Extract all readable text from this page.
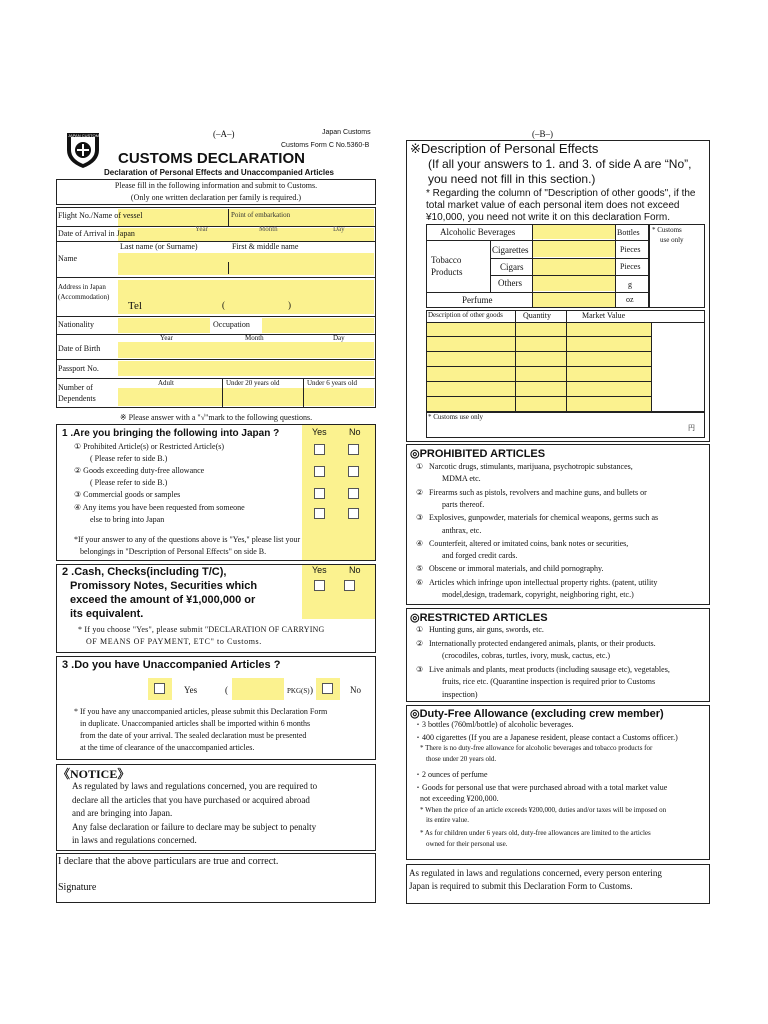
(–A–)	Japan Customs
Customs Form C No.5360-B
JAPAN CUSTOMS
CUSTOMS DECLARATION
Declaration of Personal Effects and Unaccompanied Articles
Please fill in the following information and submit to Customs.
(Only one written declaration per family is required.)
Flight No./Name of vessel	Point of embarkation
Date of Arrival in Japan	Year	Month	Day
Last name (or Surname)	First & middle name
Name
Address in Japan
(Accommodation)
Tel	(	)
Nationality	Occupation
Year	Month	Day
Date of Birth
Passport No.
Adult	Under 20 years old	Under 6 years old
Number of
Dependents
※ Please answer with a "√"mark to the following questions.
1 .Are you bringing the following into Japan ?	Yes No
① Prohibited Article(s) or Restricted Article(s)
( Please refer to side B.)
② Goods exceeding duty-free allowance
( Please refer to side B.)
③ Commercial goods or samples
④ Any items you have been requested from someone
else to bring into Japan
*If your answer to any of the questions above is "Yes," please list your
belongings in "Description of Personal Effects" on side B.
2 .Cash, Checks(including T/C),
Promissory Notes, Securities which
exceed the amount of ¥1,000,000 or
its equivalent.
Yes No
* If you choose "Yes", please submit "DECLARATION OF CARRYING
OF MEANS OF PAYMENT, ETC" to Customs.
3 .Do you have Unaccompanied Articles ?
Yes	(	PKG(S) )	No
* If you have any unaccompanied articles, please submit this Declaration Form
in duplicate. Unaccompanied articles shall be imported within 6 months
from the date of your arrival. The sealed declaration must be presented
at the time of clearance of the unaccompanied articles.
《NOTICE》
As regulated by laws and regulations concerned, you are required to
declare all the articles that you have purchased or acquired abroad
and are bringing into Japan.
Any false declaration or failure to declare may be subject to penalty
in laws and regulations concerned.
I declare that the above particulars are true and correct.
Signature
(–B–)
※Description of Personal Effects
(If all your answers to 1. and 3. of side A are “No”,
you need not fill in this section.)
* Regarding the column of "Description of other goods", if the
total market value of each personal item does not exceed
¥10,000, you need not write it on this declaration Form.
* Customs
use only
Alcoholic Beverages	Bottles
Tobacco
Products
Cigarettes	Pieces
Cigars	Pieces
Others	g
Perfume	oz
Description of other goods	Quantity	Market Value
* Customs use only
円
◎PROHIBITED ARTICLES
① Narcotic drugs, stimulants, marijuana, psychotropic substances,
MDMA etc.
② Firearms such as pistols, revolvers and machine guns, and bullets or
parts thereof.
③ Explosives, gunpowder, materials for chemical weapons, germs such as
anthrax, etc.
④ Counterfeit, altered or imitated coins, bank notes or securities,
and forged credit cards.
⑤ Obscene or immoral materials, and child pornography.
⑥ Articles which infringe upon intellectual property rights. (patent, utility
model,design, trademark, copyright, neighboring right, etc.)
◎RESTRICTED ARTICLES
① Hunting guns, air guns, swords, etc.
② Internationally protected endangered animals, plants, or their products.
(crocodiles, cobras, turtles, ivory, musk, cactus, etc.)
③ Live animals and plants, meat products (including sausage etc), vegetables,
fruits, rice etc. (Quarantine inspection is required prior to Customs
inspection)
◎Duty-Free Allowance (excluding crew member)
・3 bottles (760ml/bottle) of alcoholic beverages.
・400 cigarettes (If you are a Japanese resident, please contact a Customs officer.)
* There is no duty-free allowance for alcoholic beverages and tobacco products for
those under 20 years old.
・2 ounces of perfume
・Goods for personal use that were purchased abroad with a total market value
not exceeding ¥200,000.
* When the price of an article exceeds ¥200,000, duties and/or taxes will be imposed on
its entire value.
* As for children under 6 years old, duty-free allowances are limited to the articles
owned for their personal use.
As regulated in laws and regulations concerned, every person entering
Japan is required to submit this Declaration Form to Customs.
